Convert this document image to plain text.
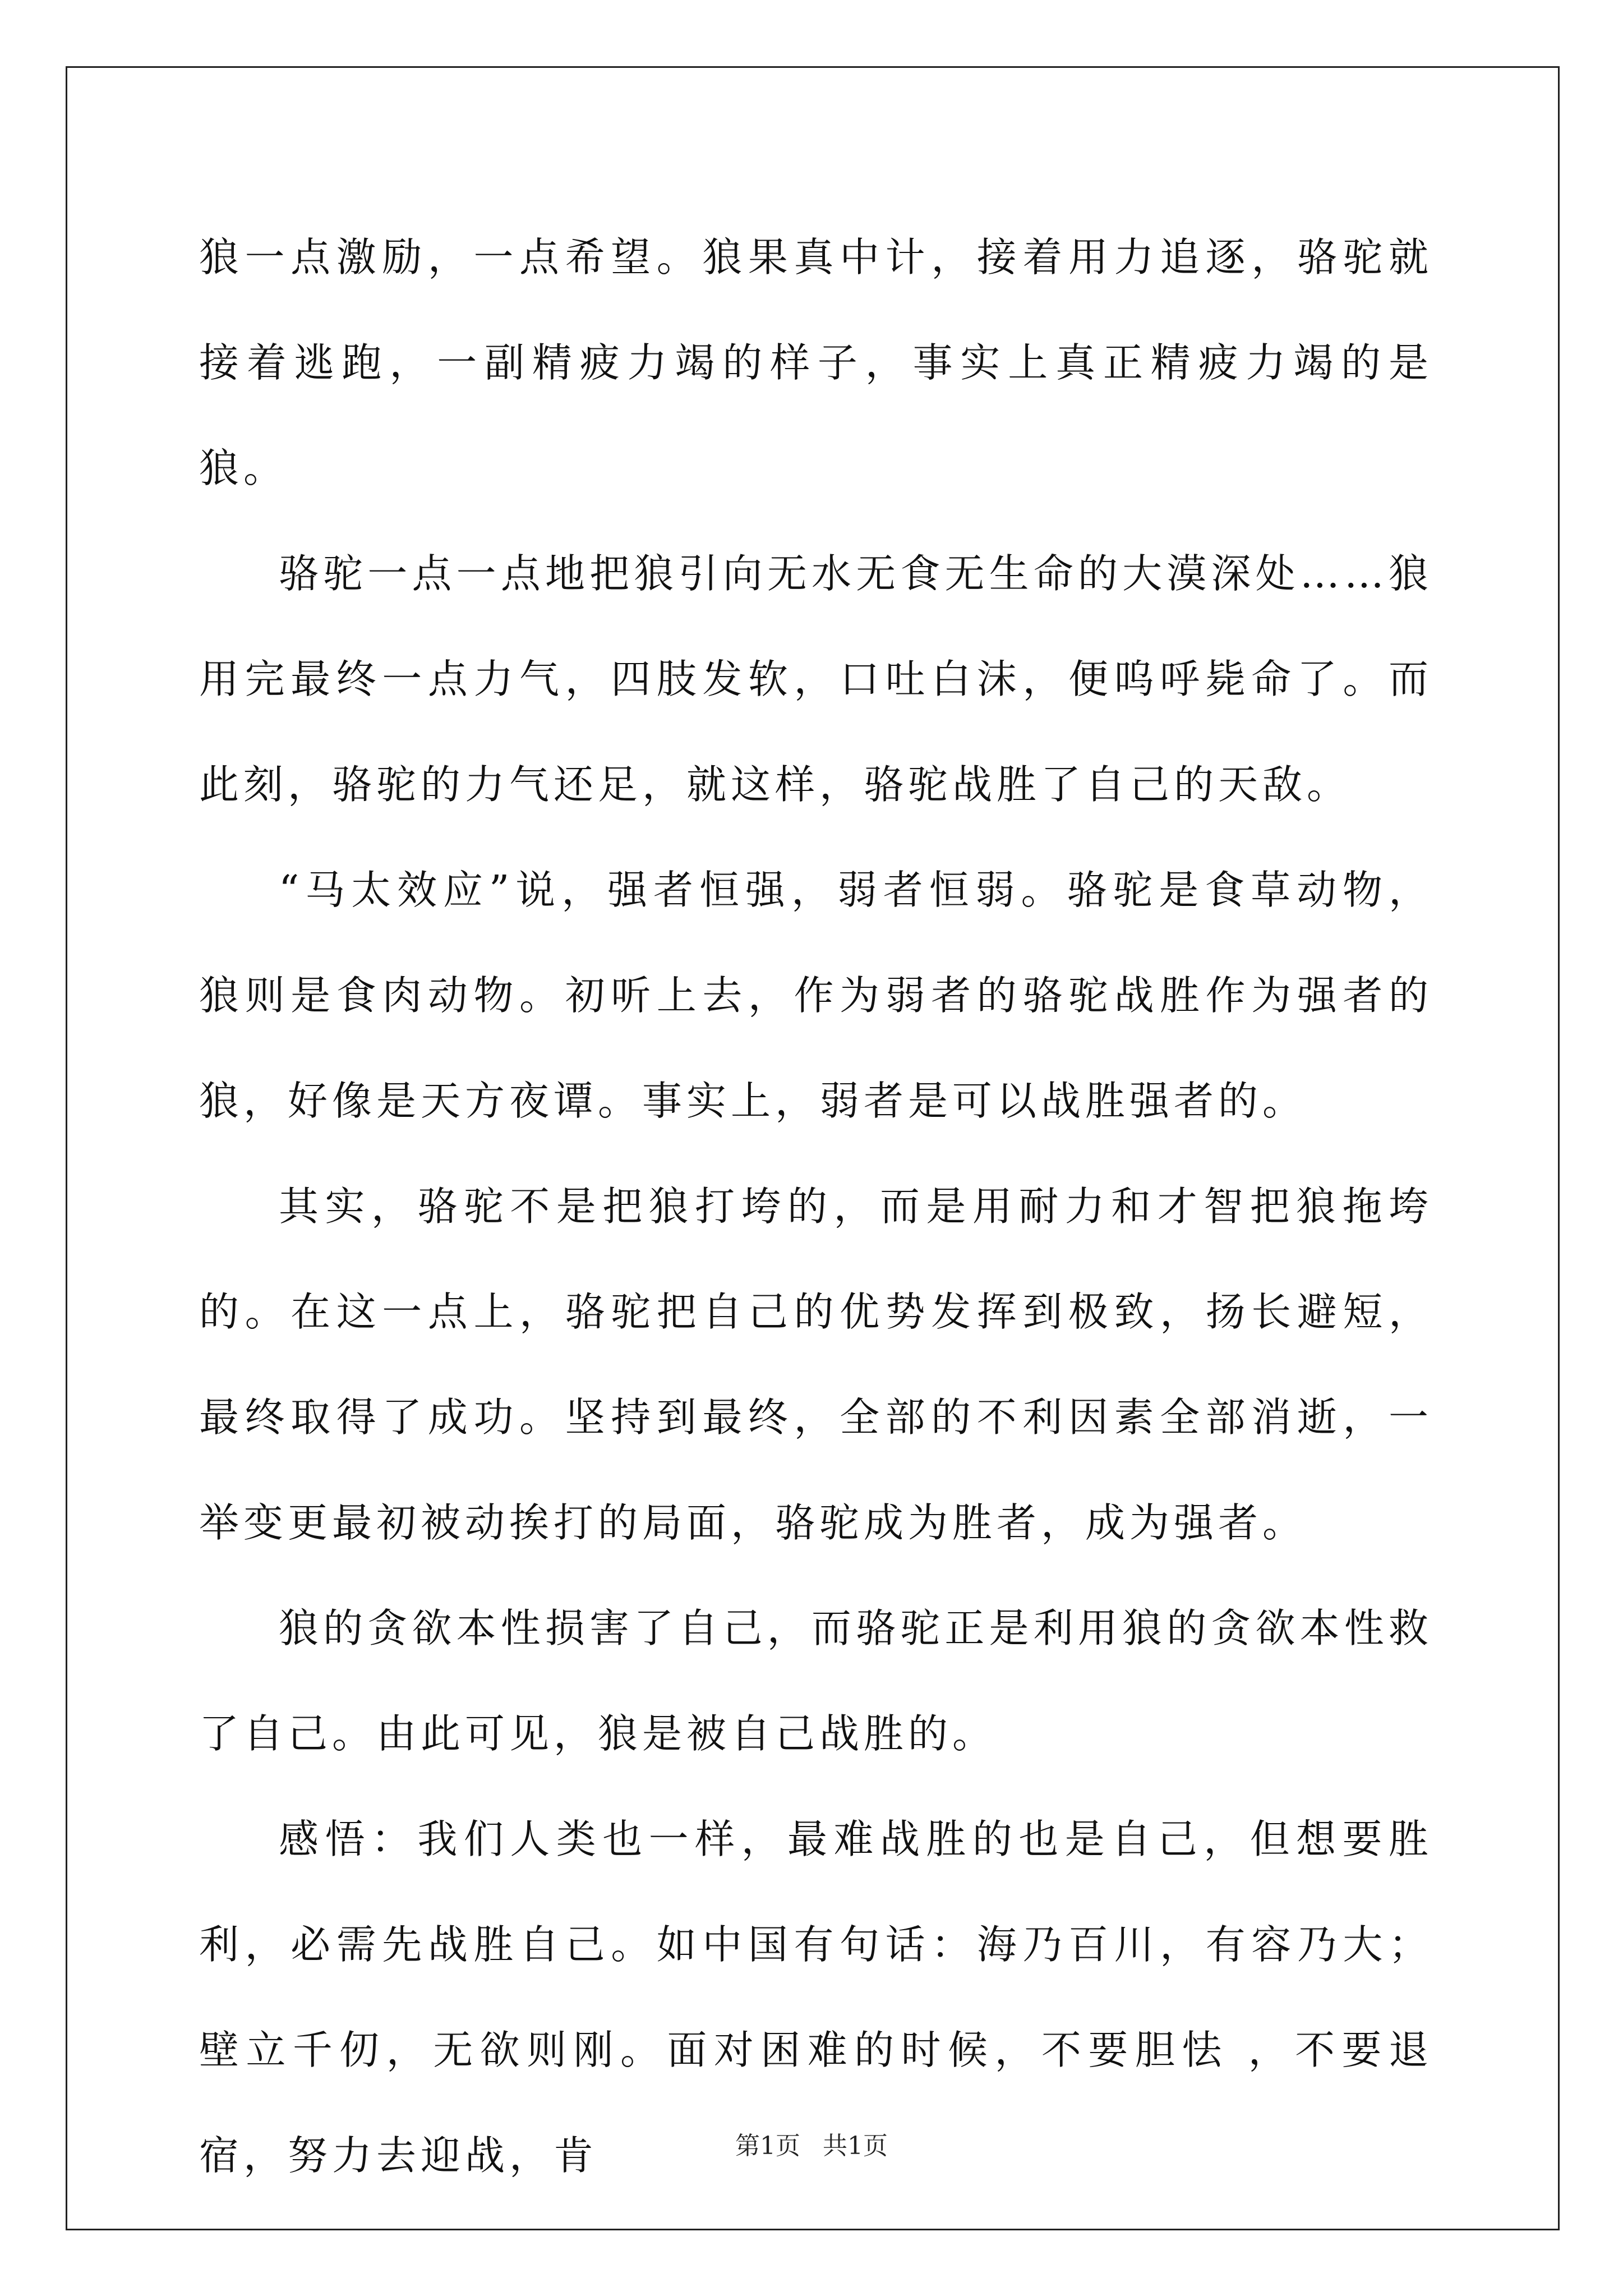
狼一点激励，一点希望。狼果真中计，接着用力追逐，骆驼就接着逃跑，一副精疲力竭的样子，事实上真正精疲力竭的是狼。

骆驼一点一点地把狼引向无水无食无生命的大漠深处……狼用完最终一点力气，四肢发软，口吐白沫，便呜呼毙命了。而此刻，骆驼的力气还足，就这样，骆驼战胜了自己的天敌。

“马太效应”说，强者恒强，弱者恒弱。骆驼是食草动物，狼则是食肉动物。初听上去，作为弱者的骆驼战胜作为强者的狼，好像是天方夜谭。事实上，弱者是可以战胜强者的。

其实，骆驼不是把狼打垮的，而是用耐力和才智把狼拖垮的。在这一点上，骆驼把自己的优势发挥到极致，扬长避短，最终取得了成功。坚持到最终，全部的不利因素全部消逝，一举变更最初被动挨打的局面，骆驼成为胜者，成为强者。

狼的贪欲本性损害了自己，而骆驼正是利用狼的贪欲本性救了自己。由此可见，狼是被自己战胜的。

感悟：我们人类也一样，最难战胜的也是自己，但想要胜利，必需先战胜自己。如中国有句话：海乃百川，有容乃大；壁立千仞，无欲则刚。面对困难的时候，不要胆怯 ，不要退宿，努力去迎战，肯	第1页 共1页
